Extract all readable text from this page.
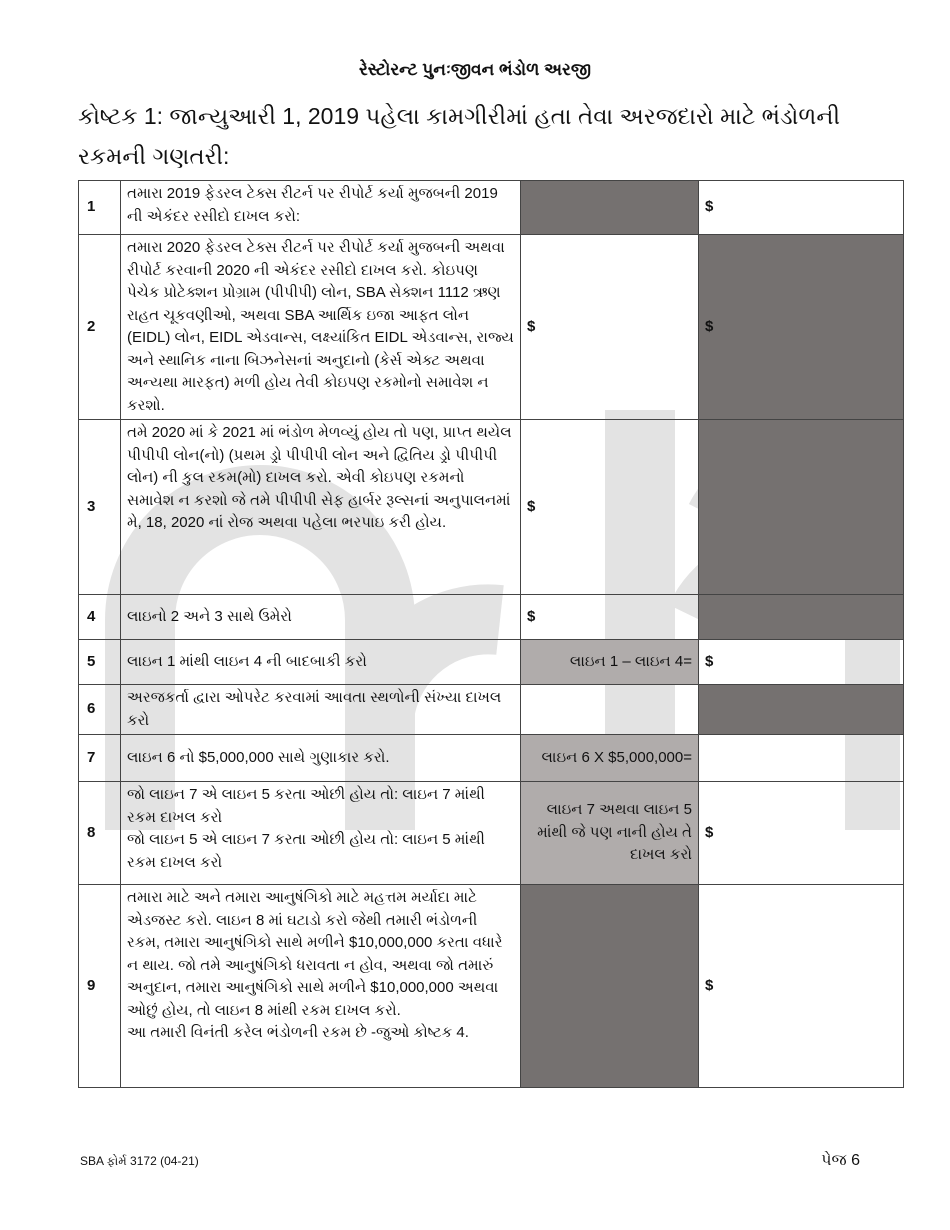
રેસ્ટોરન્ટ પુનઃજીવન ભંડોળ અરજી
કોષ્ટક 1: જાન્યુઆરી 1, 2019 પહેલા કામગીરીમાં હતા તેવા અરજદારો માટે ભંડોળની રકમની ગણતરી:
1	તમારા 2019 ફેડરલ ટેક્સ રીટર્ન પર રીપોર્ટ કર્યા મુજબની 2019 ની એકંદર રસીદો દાખલ કરો:		$
2	તમારા 2020 ફેડરલ ટેક્સ રીટર્ન પર રીપોર્ટ કર્યા મુજબની અથવા રીપોર્ટ કરવાની 2020 ની એકંદર રસીદો દાખલ કરો. કોઇપણ પેચેક પ્રોટેક્શન પ્રોગ્રામ (પીપીપી) લોન, SBA સેક્શન 1112 ઋણ રાહત ચૂકવણીઓ, અથવા SBA આર્થિક ઇજા આફત લોન (EIDL) લોન, EIDL એડવાન્સ, લક્ષ્યાંકિત EIDL એડવાન્સ, રાજ્ય અને સ્થાનિક નાના બિઝનેસનાં અનુદાનો (કેર્સ એક્ટ અથવા અન્યથા મારફત) મળી હોય તેવી કોઇપણ રકમોનો સમાવેશ ન કરશો.	$	$
3	તમે 2020 માં કે 2021 માં ભંડોળ મેળવ્યું હોય તો પણ, પ્રાપ્ત થયેલ પીપીપી લોન(નો) (પ્રથમ ડ્રો પીપીપી લોન અને દ્વિતિય ડ્રો પીપીપી લોન) ની કુલ રકમ(મો) દાખલ કરો. એવી કોઇપણ રકમનો સમાવેશ ન કરશો જે તમે પીપીપી સેફ હાર્બર રૂલ્સનાં અનુપાલનમાં મે, 18, 2020 નાં રોજ અથવા પહેલા ભરપાઇ કરી હોય.	$	
4	લાઇનો 2 અને 3 સાથે ઉમેરો	$	
5	લાઇન 1 માંથી લાઇન 4 ની બાદબાકી કરો	લાઇન 1 – લાઇન 4=	$
6	અરજકર્તા દ્વારા ઓપરેટ કરવામાં આવતા સ્થળોની સંખ્યા દાખલ કરો		
7	લાઇન 6 નો $5,000,000 સાથે ગુણાકાર કરો.	લાઇન 6 X $5,000,000=	
8	જો લાઇન 7 એ લાઇન 5 કરતા ઓછી હોય તો: લાઇન 7 માંથી રકમ દાખલ કરો
જો લાઇન 5 એ લાઇન 7 કરતા ઓછી હોય તો: લાઇન 5 માંથી રકમ દાખલ કરો	લાઇન 7 અથવા લાઇન 5 માંથી જે પણ નાની હોય તે દાખલ કરો	$
9	તમારા માટે અને તમારા આનુષંગિકો માટે મહત્તમ મર્યાદા માટે એડજસ્ટ કરો. લાઇન 8 માં ઘટાડો કરો જેથી તમારી ભંડોળની રકમ, તમારા આનુષંગિકો સાથે મળીને $10,000,000 કરતા વધારે ન થાય. જો તમે આનુષંગિકો ધરાવતા ન હોવ, અથવા જો તમારું અનુદાન, તમારા આનુષંગિકો સાથે મળીને $10,000,000 અથવા ઓછું હોય, તો લાઇન 8 માંથી રકમ દાખલ કરો.
આ તમારી વિનંતી કરેલ ભંડોળની રકમ છે -જુઓ કોષ્ટક 4.		$
SBA ફોર્મ 3172 (04-21)	પેજ 6
